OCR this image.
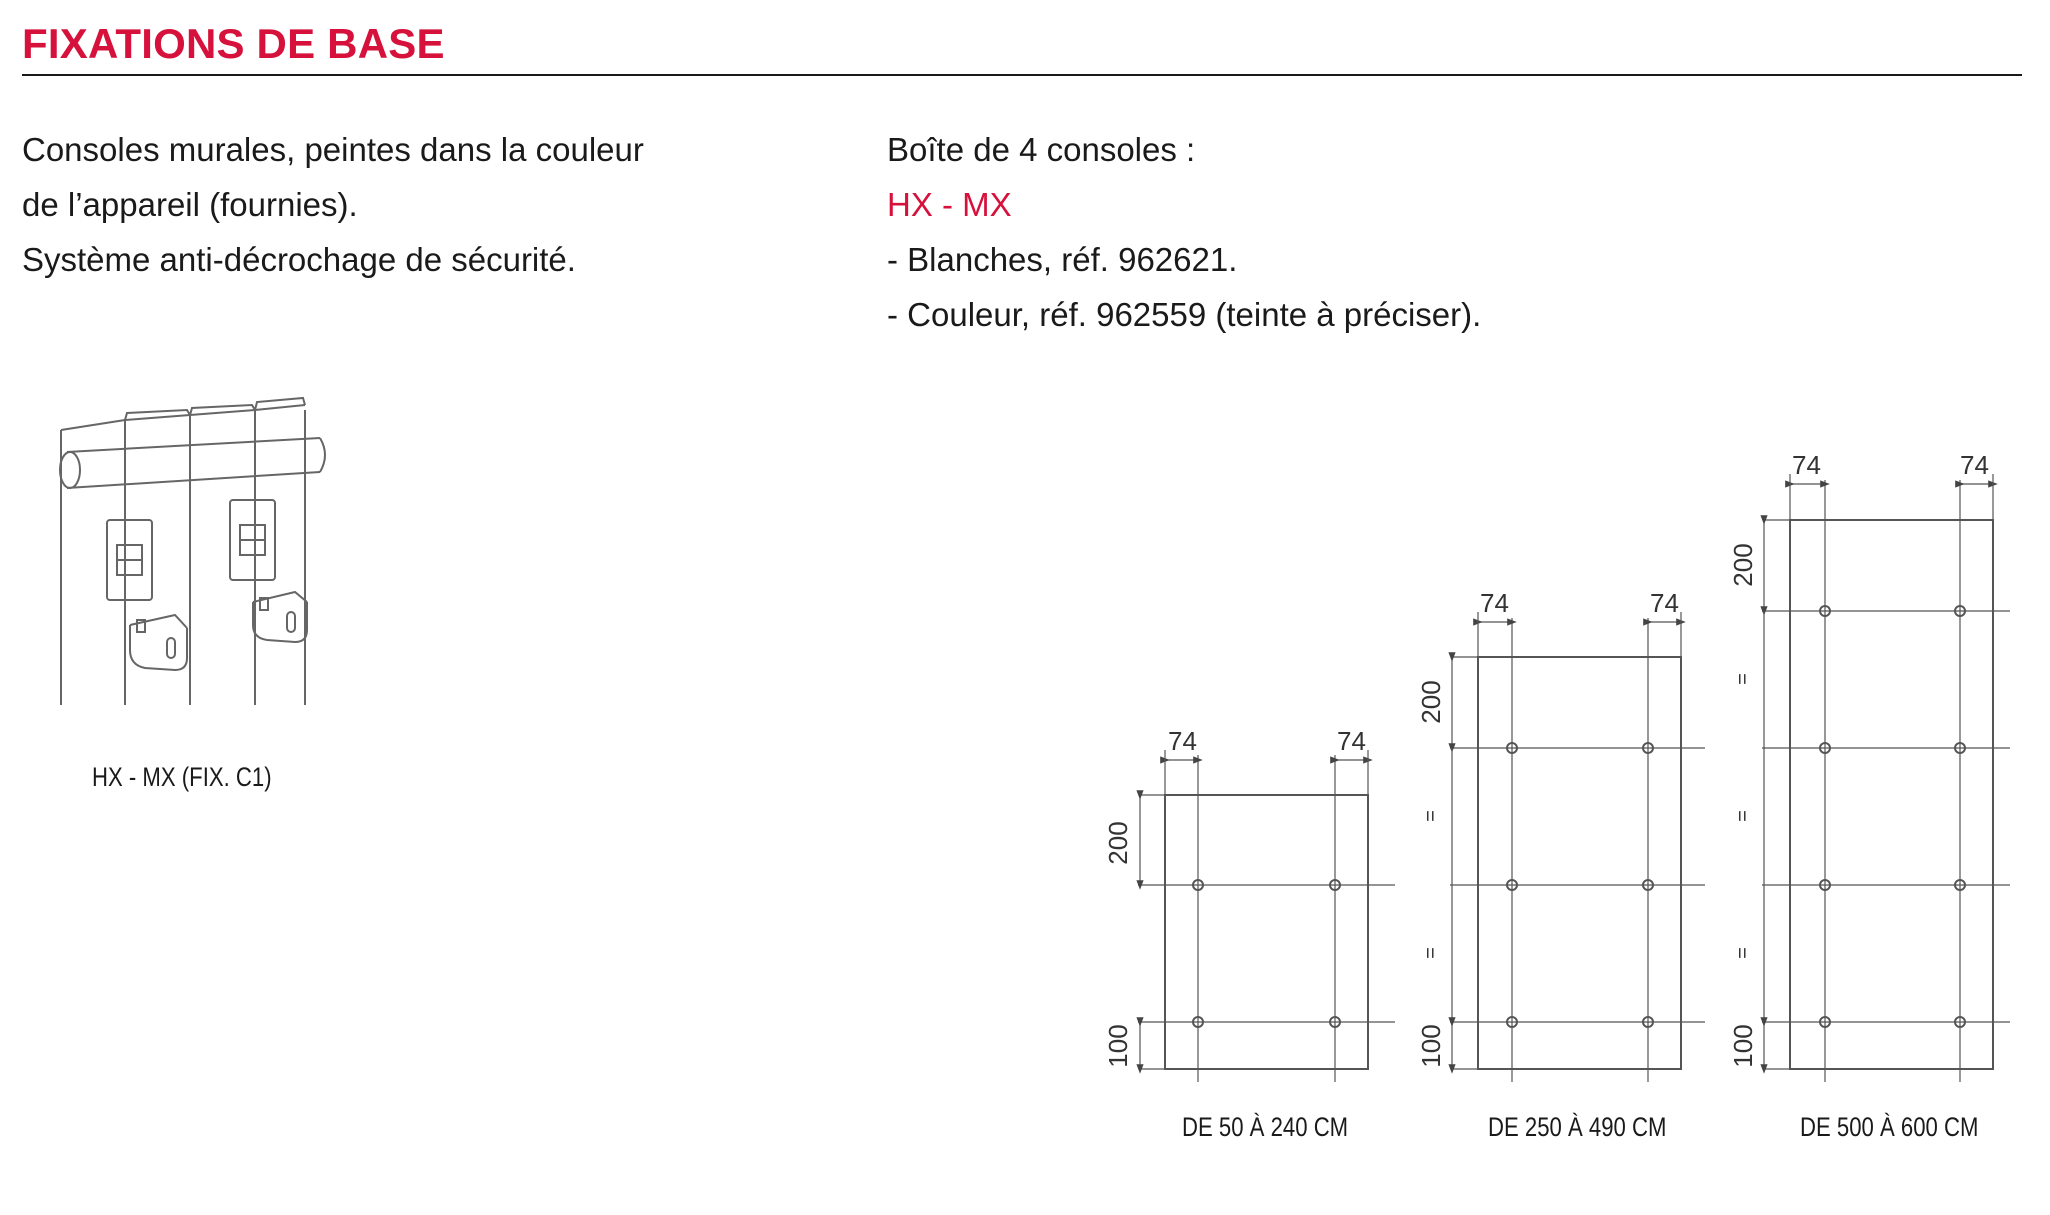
FIXATIONS DE BASE
Consoles murales, peintes dans la couleur
de l’appareil (fournies).
Système anti-décrochage de sécurité.
Boîte de 4 consoles :
HX - MX
- Blanches, réf. 962621.
- Couleur, réf. 962559 (teinte à préciser).
HX - MX (FIX. C1)
74	74
200
100
74	74
200
100
=
=
74	74
200
100
=
=
=
DE 50 À 240 CM	DE 250 À 490 CM	DE 500 À 600 CM
